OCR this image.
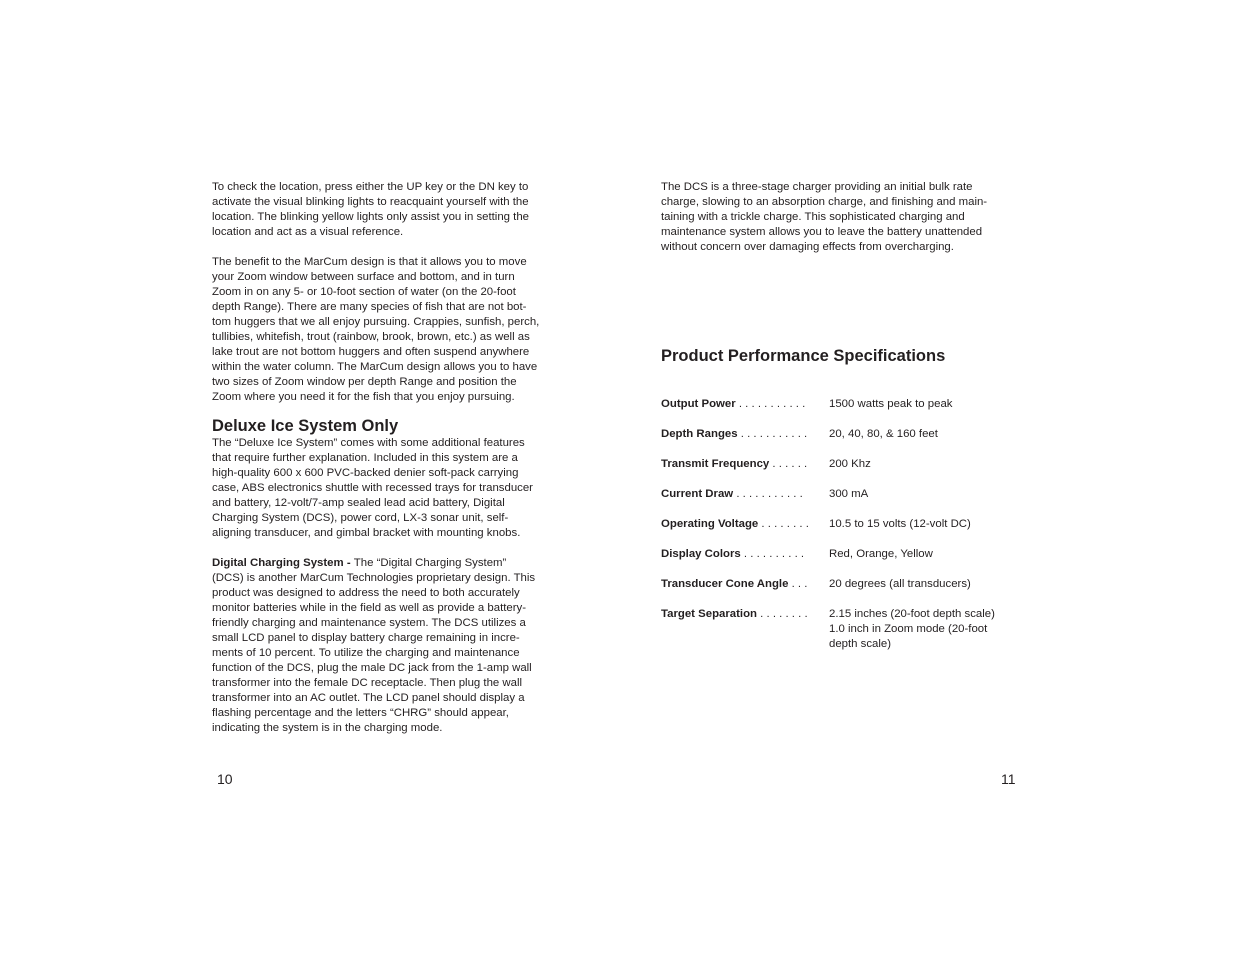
To check the location, press either the UP key or the DN key to
activate the visual blinking lights to reacquaint yourself with the
location. The blinking yellow lights only assist you in setting the
location and act as a visual reference.

The benefit to the MarCum design is that it allows you to move
your Zoom window between surface and bottom, and in turn
Zoom in on any 5- or 10-foot section of water (on the 20-foot
depth Range). There are many species of fish that are not bot-
tom huggers that we all enjoy pursuing. Crappies, sunfish, perch,
tullibies, whitefish, trout (rainbow, brook, brown, etc.) as well as
lake trout are not bottom huggers and often suspend anywhere
within the water column. The MarCum design allows you to have
two sizes of Zoom window per depth Range and position the
Zoom where you need it for the fish that you enjoy pursuing.

Deluxe Ice System Only

The “Deluxe Ice System” comes with some additional features
that require further explanation. Included in this system are a
high-quality 600 x 600 PVC-backed denier soft-pack carrying
case, ABS electronics shuttle with recessed trays for transducer
and battery, 12-volt/7-amp sealed lead acid battery, Digital
Charging System (DCS), power cord, LX-3 sonar unit, self-
aligning transducer, and gimbal bracket with mounting knobs.

Digital Charging System - The “Digital Charging System”
(DCS) is another MarCum Technologies proprietary design. This
product was designed to address the need to both accurately
monitor batteries while in the field as well as provide a battery-
friendly charging and maintenance system. The DCS utilizes a
small LCD panel to display battery charge remaining in incre-
ments of 10 percent. To utilize the charging and maintenance
function of the DCS, plug the male DC jack from the 1-amp wall
transformer into the female DC receptacle. Then plug the wall
transformer into an AC outlet. The LCD panel should display a
flashing percentage and the letters “CHRG” should appear,
indicating the system is in the charging mode.

10

The DCS is a three-stage charger providing an initial bulk rate
charge, slowing to an absorption charge, and finishing and main-
taining with a trickle charge. This sophisticated charging and
maintenance system allows you to leave the battery unattended
without concern over damaging effects from overcharging.

Product Performance Specifications
Output Power . . . . . . . . . . . 1500 watts peak to peak
Depth Ranges . . . . . . . . . . . 20, 40, 80, & 160 feet
Transmit Frequency . . . . . . 200 Khz
Current Draw . . . . . . . . . . . 300 mA
Operating Voltage . . . . . . . . 10.5 to 15 volts (12-volt DC)
Display Colors . . . . . . . . . . Red, Orange, Yellow
Transducer Cone Angle . . . 20 degrees (all transducers)
Target Separation . . . . . . . . 2.15 inches (20-foot depth scale)
1.0 inch in Zoom mode (20-foot
depth scale)
11
